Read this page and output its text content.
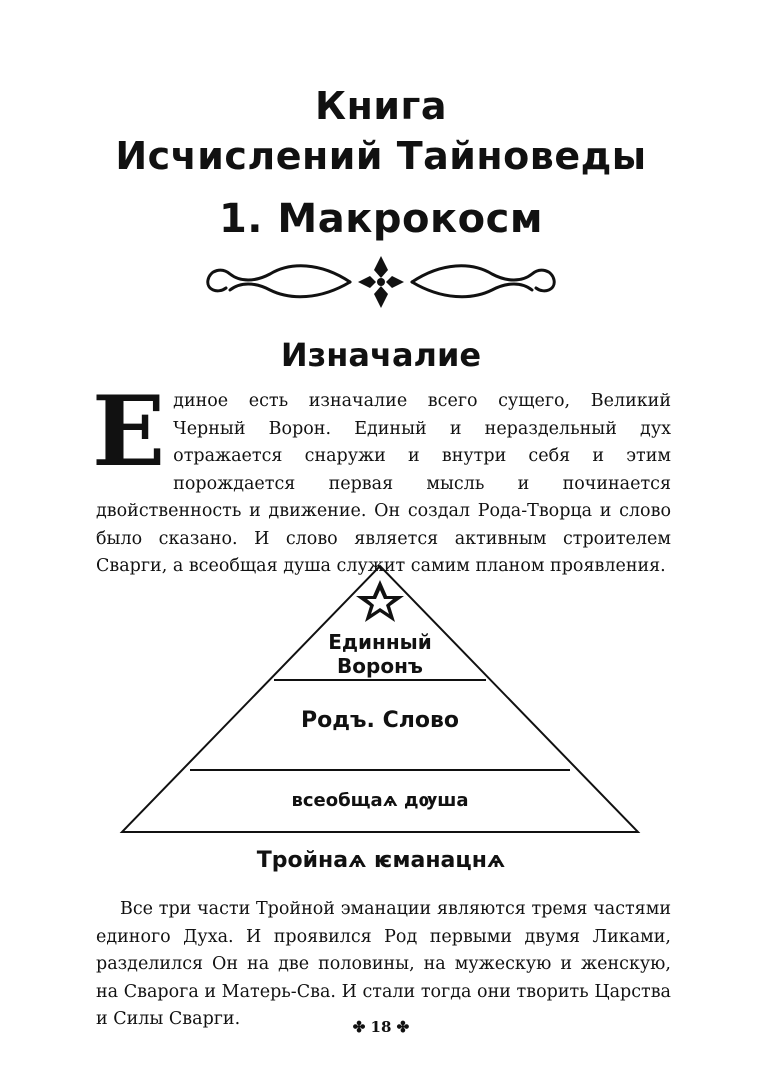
Книга
Исчислений Тайноведы
1. Макрокосм
Изначалие
Е диное есть изначалие всего сущего, Великий Черный Ворон. Единый и нераздельный дух отражается снаружи и внутри себя и этим порождается первая мысль и починается двойственность и движение. Он создал Рода-Творца и слово было сказано. И слово является активным строителем Сварги, а всеобщая душа служит самим планом проявления.
Единный Воронъ
Родъ. Слово
всеобщаѧ дѹша
Тройнаѧ ѥманацнѧ
Все три части Тройной эманации являются тремя частями единого Духа. И проявился Род первыми двумя Ликами, разделился Он на две половины, на мужескую и женскую, на Сварога и Матерь-Сва. И стали тогда они творить Царства и Силы Сварги.	✤ 18 ✤
